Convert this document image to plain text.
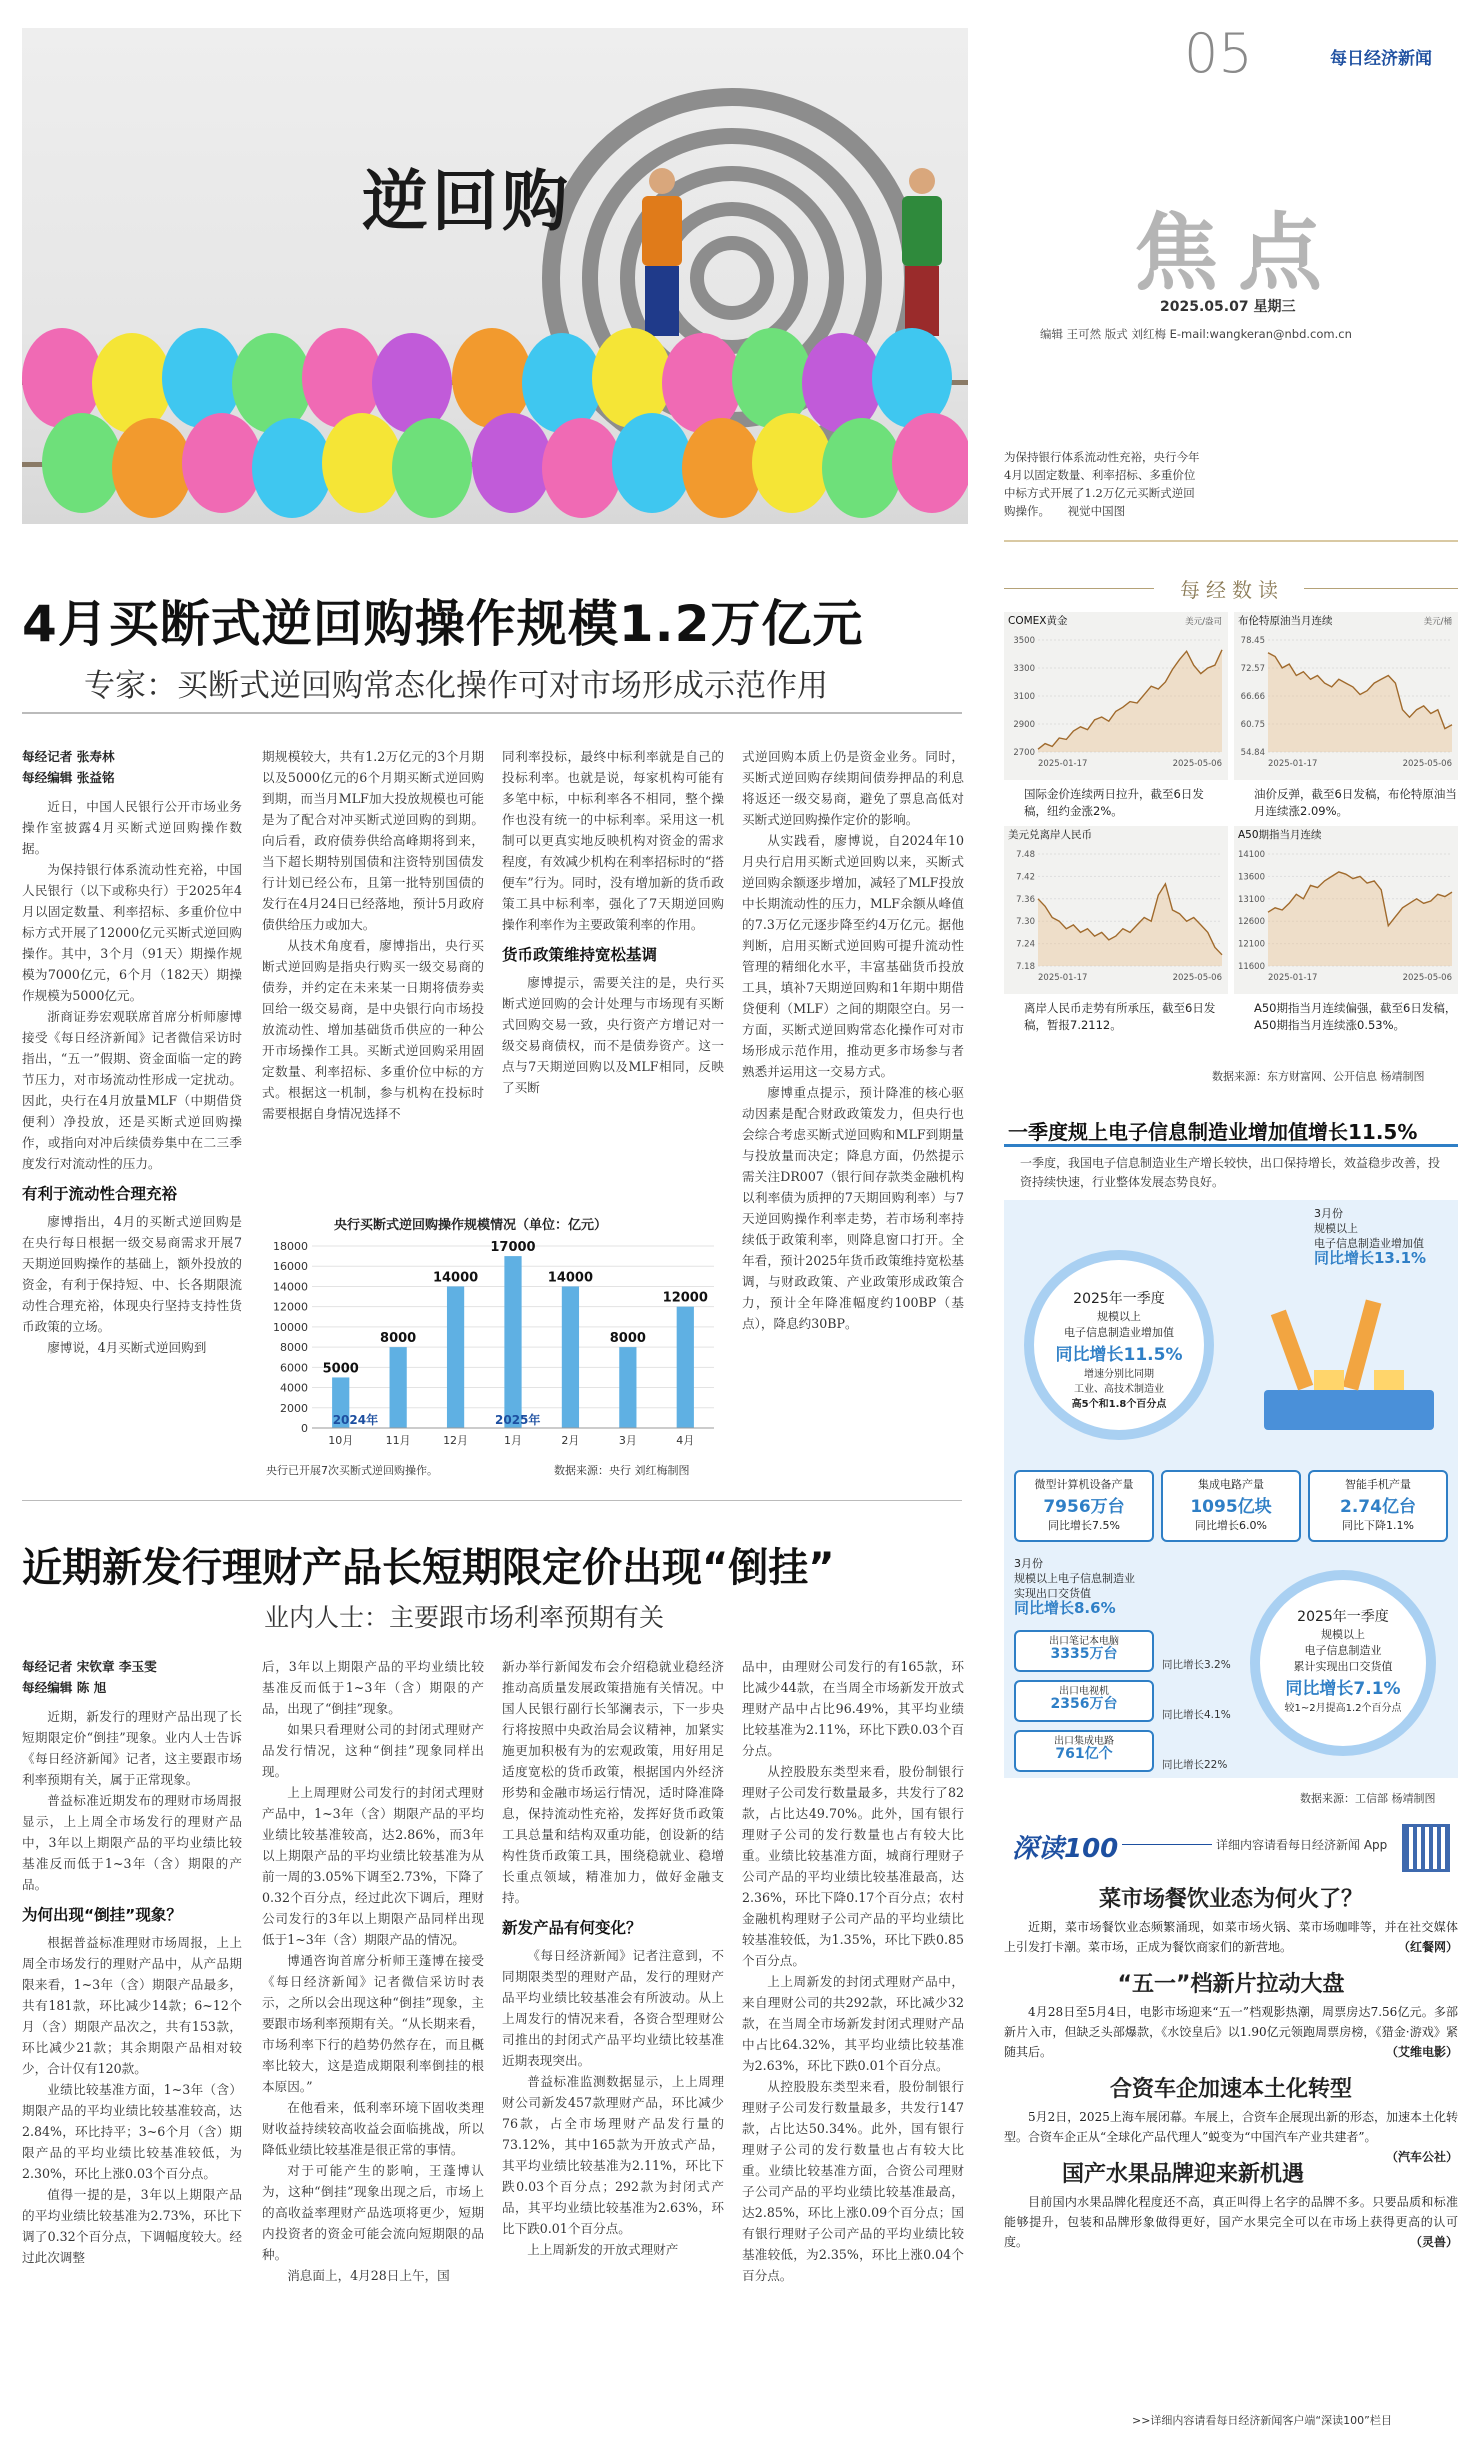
逆回购
05	每日经济新闻
焦点
2025.05.07 星期三
编辑 王可然 版式 刘红梅 E-mail:wangkeran@nbd.com.cn
为保持银行体系流动性充裕，央行今年4月以固定数量、利率招标、多重价位中标方式开展了1.2万亿元买断式逆回购操作。 视觉中国图
4月买断式逆回购操作规模1.2万亿元
专家：买断式逆回购常态化操作可对市场形成示范作用

每经记者 张寿林

每经编辑 张益铭

近日，中国人民银行公开市场业务操作室披露4月买断式逆回购操作数据。

为保持银行体系流动性充裕，中国人民银行（以下或称央行）于2025年4月以固定数量、利率招标、多重价位中标方式开展了12000亿元买断式逆回购操作。其中，3个月（91天）期操作规模为7000亿元，6个月（182天）期操作规模为5000亿元。

浙商证券宏观联席首席分析师廖博接受《每日经济新闻》记者微信采访时指出，“五一”假期、资金面临一定的跨节压力，对市场流动性形成一定扰动。因此，央行在4月放量MLF（中期借贷便利）净投放，还是买断式逆回购操作，或指向对冲后续债券集中在二三季度发行对流动性的压力。

有利于流动性合理充裕

廖博指出，4月的买断式逆回购是在央行每日根据一级交易商需求开展7天期逆回购操作的基础上，额外投放的资金，有利于保持短、中、长各期限流动性合理充裕，体现央行坚持支持性货币政策的立场。

廖博说，4月买断式逆回购到

期规模较大，共有1.2万亿元的3个月期以及5000亿元的6个月期买断式逆回购到期，而当月MLF加大投放规模也可能是为了配合对冲买断式逆回购的到期。向后看，政府债券供给高峰期将到来，当下超长期特别国债和注资特别国债发行计划已经公布，且第一批特别国债的发行在4月24日已经落地，预计5月政府债供给压力或加大。

从技术角度看，廖博指出，央行买断式逆回购是指央行购买一级交易商的债券，并约定在未来某一日期将债券卖回给一级交易商，是中央银行向市场投放流动性、增加基础货币供应的一种公开市场操作工具。买断式逆回购采用固定数量、利率招标、多重价位中标的方式。根据这一机制，参与机构在投标时需要根据自身情况选择不

同利率投标，最终中标利率就是自己的投标利率。也就是说，每家机构可能有多笔中标，中标利率各不相同，整个操作也没有统一的中标利率。采用这一机制可以更真实地反映机构对资金的需求程度，有效减少机构在利率招标时的“搭便车”行为。同时，没有增加新的货币政策工具中标利率，强化了7天期逆回购操作利率作为主要政策利率的作用。

货币政策维持宽松基调

廖博提示，需要关注的是，央行买断式逆回购的会计处理与市场现有买断式回购交易一致，央行资产方增记对一级交易商债权，而不是债券资产。这一点与7天期逆回购以及MLF相同，反映了买断

式逆回购本质上仍是资金业务。同时，买断式逆回购存续期间债券押品的利息将返还一级交易商，避免了票息高低对买断式逆回购操作定价的影响。

从实践看，廖博说，自2024年10月央行启用买断式逆回购以来，买断式逆回购余额逐步增加，减轻了MLF投放中长期流动性的压力，MLF余额从峰值的7.3万亿元逐步降至约4万亿元。据他判断，启用买断式逆回购可提升流动性管理的精细化水平，丰富基础货币投放工具，填补7天期逆回购和1年期中期借贷便利（MLF）之间的期限空白。另一方面，买断式逆回购常态化操作可对市场形成示范作用，推动更多市场参与者熟悉并运用这一交易方式。

廖博重点提示，预计降准的核心驱动因素是配合财政政策发力，但央行也会综合考虑买断式逆回购和MLF到期量与投放量而决定；降息方面，仍然提示需关注DR007（银行间存款类金融机构以利率债为质押的7天期回购利率）与7天逆回购操作利率走势，若市场利率持续低于政策利率，则降息窗口打开。全年看，预计2025年货币政策维持宽松基调，与财政政策、产业政策形成政策合力，预计全年降准幅度约100BP（基点），降息约30BP。

央行买断式逆回购操作规模情况（单位：亿元）
18000
16000
14000
12000
10000
8000
6000
4000
2000
0
5000
10月
8000
11月
14000
12月
17000
1月
14000
2月
8000
3月
12000
4月
2024年	2025年
央行已开展7次买断式逆回购操作。	数据来源：央行 刘红梅制图
近期新发行理财产品长短期限定价出现“倒挂”
业内人士：主要跟市场利率预期有关

每经记者 宋钦章 李玉雯

每经编辑 陈 旭

近期，新发行的理财产品出现了长短期限定价“倒挂”现象。业内人士告诉《每日经济新闻》记者，这主要跟市场利率预期有关，属于正常现象。

普益标准近期发布的理财市场周报显示，上上周全市场发行的理财产品中，3年以上期限产品的平均业绩比较基准反而低于1~3年（含）期限的产品。

为何出现“倒挂”现象？

根据普益标准理财市场周报，上上周全市场发行的理财产品中，从产品期限来看，1~3年（含）期限产品最多，共有181款，环比减少14款；6~12个月（含）期限产品次之，共有153款，环比减少21款；其余期限产品相对较少，合计仅有120款。

业绩比较基准方面，1~3年（含）期限产品的平均业绩比较基准较高，达2.84%，环比持平；3~6个月（含）期限产品的平均业绩比较基准较低，为2.30%，环比上涨0.03个百分点。

值得一提的是，3年以上期限产品的平均业绩比较基准为2.73%，环比下调了0.32个百分点，下调幅度较大。经过此次调整

后，3年以上期限产品的平均业绩比较基准反而低于1~3年（含）期限的产品，出现了“倒挂”现象。

如果只看理财公司的封闭式理财产品发行情况，这种“倒挂”现象同样出现。

上上周理财公司发行的封闭式理财产品中，1~3年（含）期限产品的平均业绩比较基准较高，达2.86%，而3年以上期限产品的平均业绩比较基准为从前一周的3.05%下调至2.73%，下降了0.32个百分点，经过此次下调后，理财公司发行的3年以上期限产品同样出现低于1~3年（含）期限产品的情况。

博通咨询首席分析师王蓬博在接受《每日经济新闻》记者微信采访时表示，之所以会出现这种“倒挂”现象，主要跟市场利率预期有关。“从长期来看，市场利率下行的趋势仍然存在，而且概率比较大，这是造成期限利率倒挂的根本原因。”

在他看来，低利率环境下固收类理财收益持续较高收益会面临挑战，所以降低业绩比较基准是很正常的事情。

对于可能产生的影响，王蓬博认为，这种“倒挂”现象出现之后，市场上的高收益率理财产品选项将更少，短期内投资者的资金可能会流向短期限的品种。

消息面上，4月28日上午，国

新办举行新闻发布会介绍稳就业稳经济推动高质量发展政策措施有关情况。中国人民银行副行长邹澜表示，下一步央行将按照中央政治局会议精神，加紧实施更加积极有为的宏观政策，用好用足适度宽松的货币政策，根据国内外经济形势和金融市场运行情况，适时降准降息，保持流动性充裕，发挥好货币政策工具总量和结构双重功能，创设新的结构性货币政策工具，围绕稳就业、稳增长重点领域，精准加力，做好金融支持。

新发产品有何变化？

《每日经济新闻》记者注意到，不同期限类型的理财产品，发行的理财产品平均业绩比较基准会有所波动。从上上周发行的情况来看，各资合型理财公司推出的封闭式产品平均业绩比较基准近期表现突出。

普益标准监测数据显示，上上周理财公司新发457款理财产品，环比减少76款，占全市场理财产品发行量的73.12%，其中165款为开放式产品，其平均业绩比较基准为2.11%，环比下跌0.03个百分点；292款为封闭式产品，其平均业绩比较基准为2.63%，环比下跌0.01个百分点。

上上周新发的开放式理财产

品中，由理财公司发行的有165款，环比减少44款，在当周全市场新发开放式理财产品中占比96.49%，其平均业绩比较基准为2.11%，环比下跌0.03个百分点。

从控股股东类型来看，股份制银行理财子公司发行数量最多，共发行了82款，占比达49.70%。此外，国有银行理财子公司的发行数量也占有较大比重。业绩比较基准方面，城商行理财子公司产品的平均业绩比较基准最高，达2.36%，环比下降0.17个百分点；农村金融机构理财子公司产品的平均业绩比较基准较低，为1.35%，环比下跌0.85个百分点。

上上周新发的封闭式理财产品中，来自理财公司的共292款，环比减少32款，在当周全市场新发封闭式理财产品中占比64.32%，其平均业绩比较基准为2.63%，环比下跌0.01个百分点。

从控股股东类型来看，股份制银行理财子公司发行数量最多，共发行147款，占比达50.34%。此外，国有银行理财子公司的发行数量也占有较大比重。业绩比较基准方面，合资公司理财子公司产品的平均业绩比较基准最高，达2.85%，环比上涨0.09个百分点；国有银行理财子公司产品的平均业绩比较基准较低，为2.35%，环比上涨0.04个百分点。

每经数读
COMEX黄金	美元/盎司
3500
3300
3100
2900
2700
2025-01-17	2025-05-06
布伦特原油当月连续	美元/桶
78.45
72.57
66.66
60.75
54.84
2025-01-17	2025-05-06
国际金价连续两日拉升，截至6日发稿，纽约金涨2%。
油价反弹，截至6日发稿，布伦特原油当月连续涨2.09%。
美元兑离岸人民币
7.48
7.42
7.36
7.30
7.24
7.18
2025-01-17	2025-05-06
A50期指当月连续
14100
13600
13100
12600
12100
11600
2025-01-17	2025-05-06
离岸人民币走势有所承压，截至6日发稿，暂报7.2112。
A50期指当月连续偏强，截至6日发稿，A50期指当月连续涨0.53%。
数据来源：东方财富网、公开信息 杨靖制图
一季度规上电子信息制造业增加值增长11.5%
一季度，我国电子信息制造业生产增长较快，出口保持增长，效益稳步改善，投资持续快速，行业整体发展态势良好。
2025年一季度
规模以上
电子信息制造业增加值
同比增长11.5%
增速分别比同期
工业、高技术制造业
高5个和1.8个百分点
3月份
规模以上
电子信息制造业增加值
同比增长13.1%
微型计算机设备产量
7956万台
同比增长7.5%
集成电路产量
1095亿块
同比增长6.0%
智能手机产量
2.74亿台
同比下降1.1%
3月份
规模以上电子信息制造业
实现出口交货值
同比增长8.6%
出口笔记本电脑
3335万台
出口电视机
2356万台
出口集成电路
761亿个
同比增长3.2%
同比增长4.1%
同比增长22%
2025年一季度
规模以上
电子信息制造业
累计实现出口交货值
同比增长7.1%
较1~2月提高1.2个百分点
数据来源：工信部 杨靖制图
深读100	详细内容请看每日经济新闻 App
菜市场餐饮业态为何火了？
近期，菜市场餐饮业态频繁涌现，如菜市场火锅、菜市场咖啡等，并在社交媒体上引发打卡潮。菜市场，正成为餐饮商家们的新营地。	（红餐网）
“五一”档新片拉动大盘
4月28日至5月4日，电影市场迎来“五一”档观影热潮，周票房达7.56亿元。多部新片入市，但缺乏头部爆款，《水饺皇后》以1.90亿元领跑周票房榜，《猎金·游戏》紧随其后。	（艾维电影）
合资车企加速本土化转型
5月2日，2025上海车展闭幕。车展上，合资车企展现出新的形态，加速本土化转型。合资车企正从“全球化产品代理人”蜕变为“中国汽车产业共建者”。
（汽车公社）
国产水果品牌迎来新机遇
目前国内水果品牌化程度还不高，真正叫得上名字的品牌不多。只要品质和标准能够提升，包装和品牌形象做得更好，国产水果完全可以在市场上获得更高的认可度。	（灵兽）
>>详细内容请看每日经济新闻客户端“深读100”栏目
